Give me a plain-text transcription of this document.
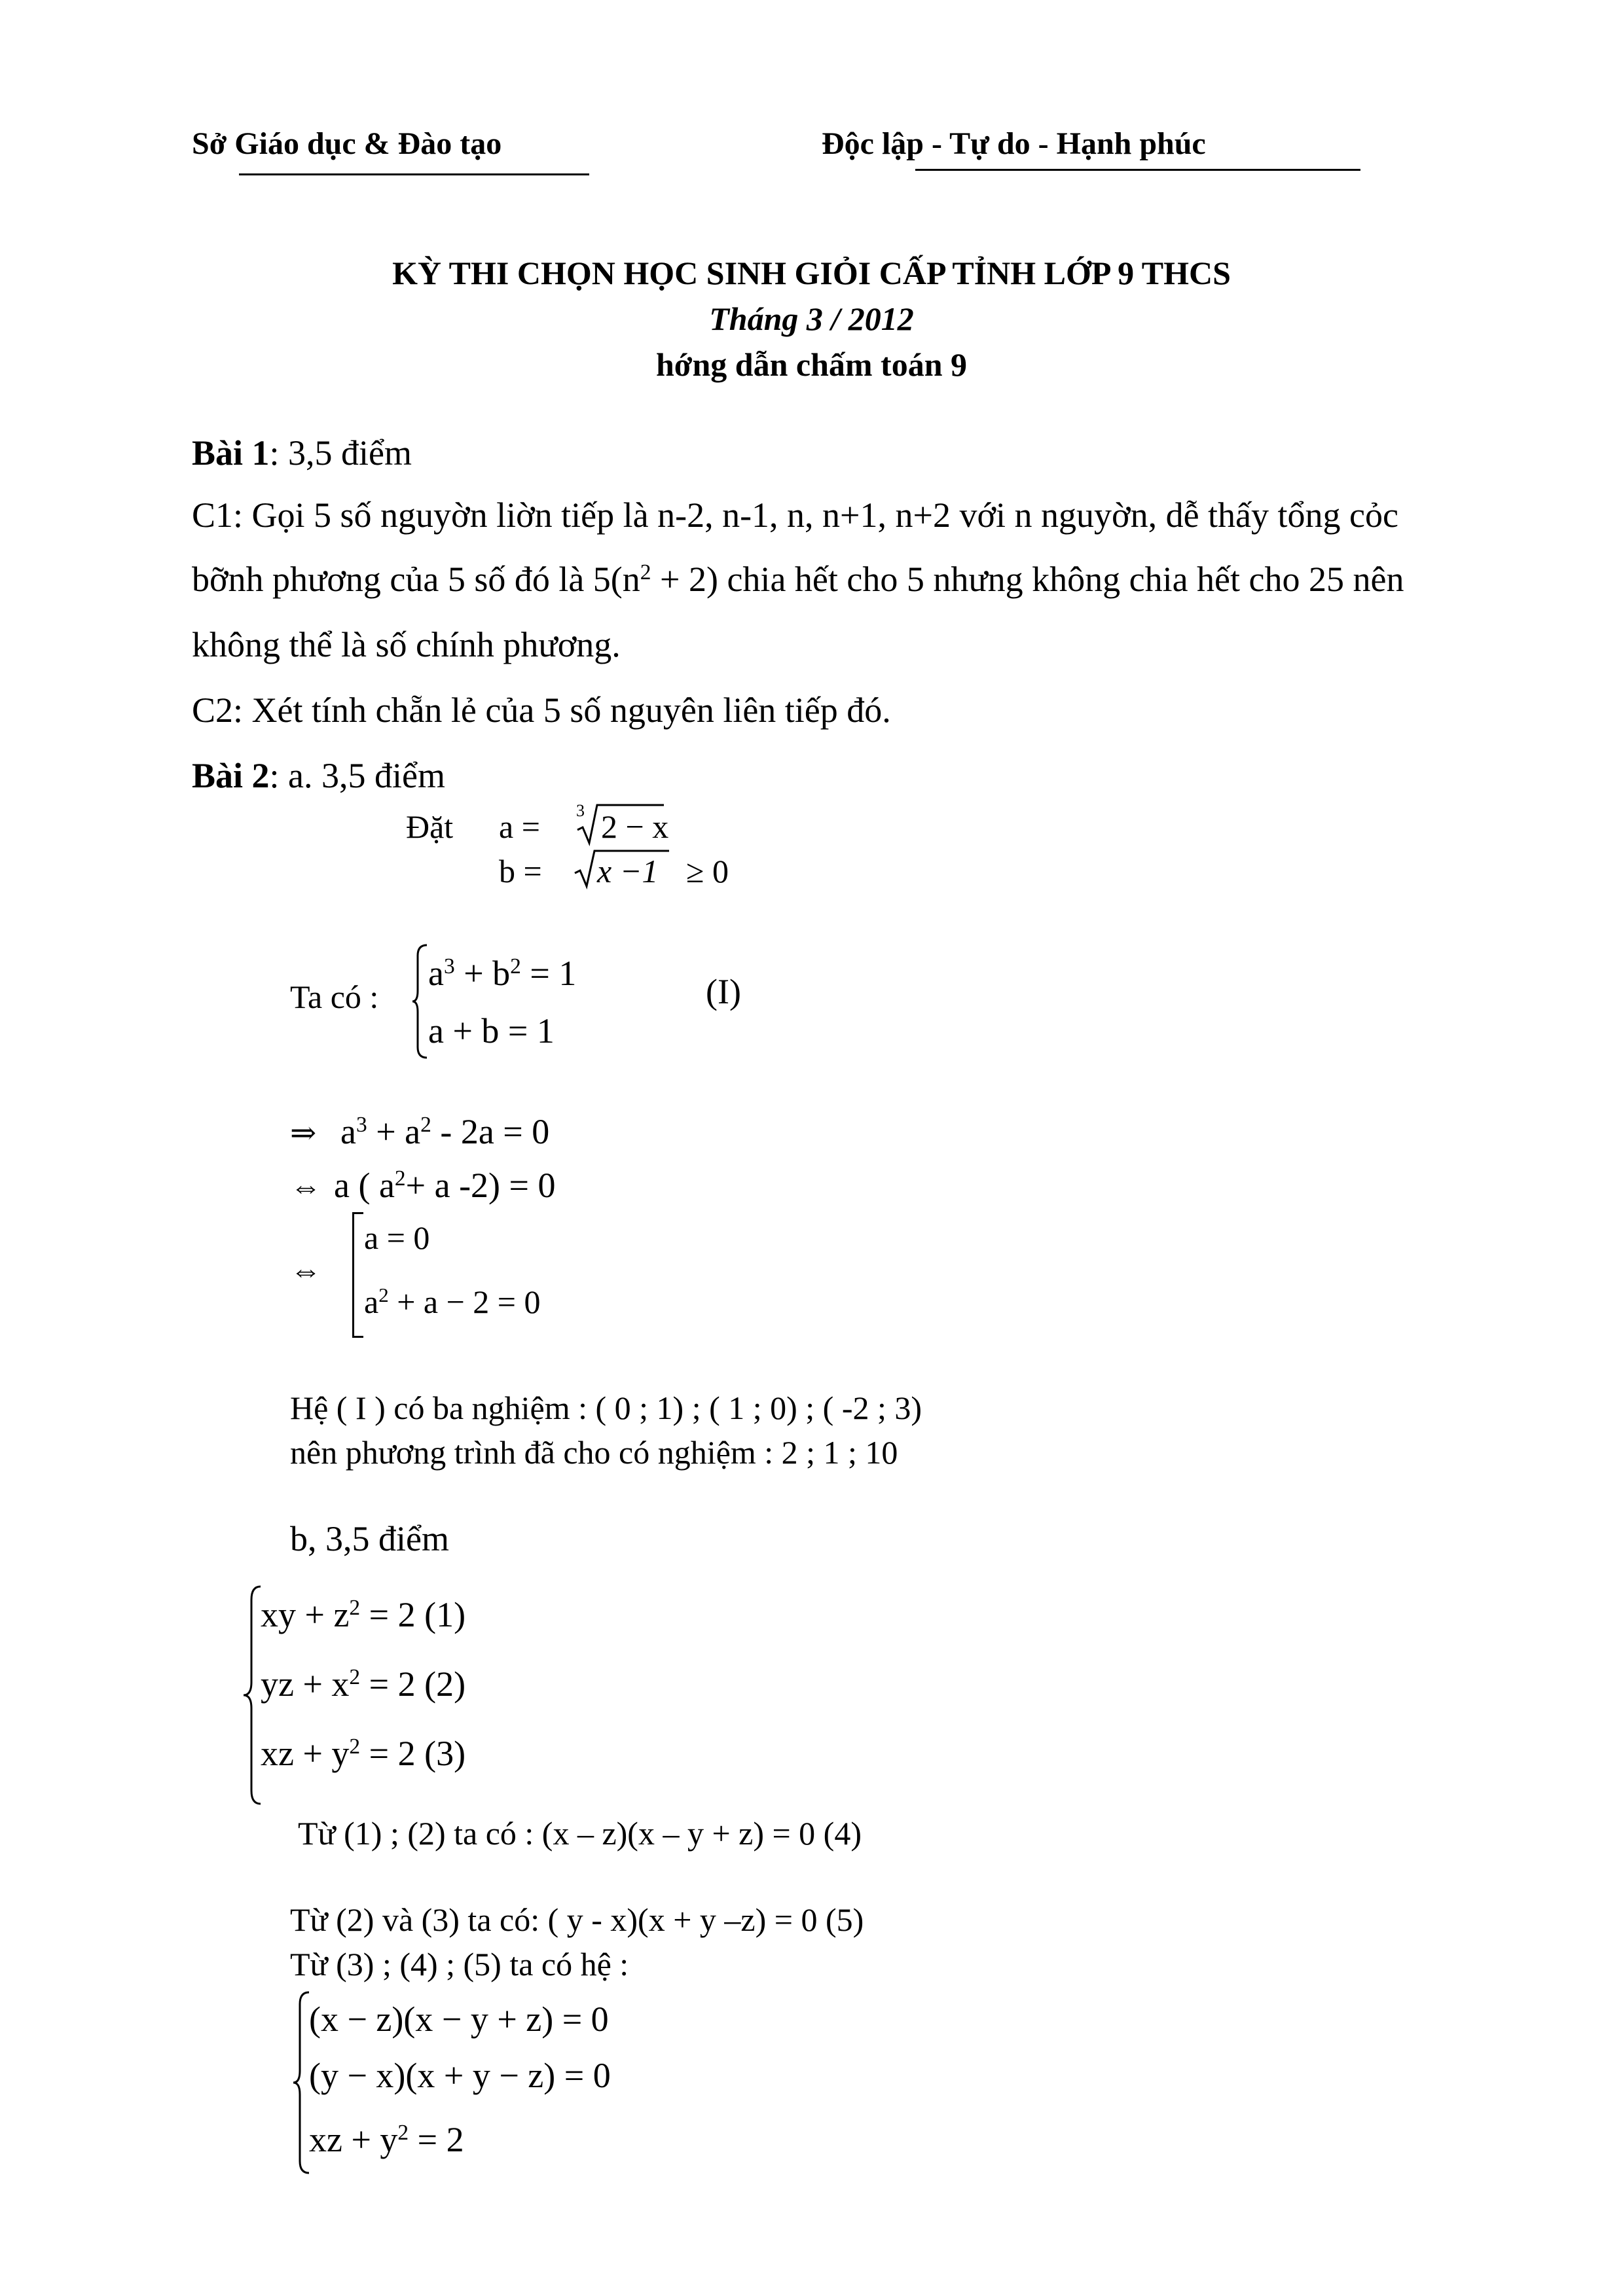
Sở Giáo dục & Đào tạo	Độc lập - Tự do - Hạnh phúc
KỲ THI CHỌN HỌC SINH GIỎI CẤP TỈNH LỚP 9 THCS
Tháng 3 / 2012
hớng dẫn chấm toán 9
Bài 1: 3,5 điểm
C1: Gọi 5 số nguyờn liờn tiếp là n-2, n-1, n, n+1, n+2 với n nguyờn, dễ thấy tổng cỏc
bỡnh phương của 5 số đó là $5(n^2 + 2)$ chia hết cho 5 nhưng không chia hết cho 25 nên
không thể là số chính phương.
C2: Xét tính chẵn lẻ của 5 số nguyên liên tiếp đó.
Bài 2: a. 3,5 điểm
Đặt a = 3 2 − x
b = x −1 ≥ 0
Ta có :
$a^3 + b^2 = 1$
a + b = 1
(I)
⇒ $a^3 + a^2 - 2a = 0$
⇔ a ( $a^2+ a$ -2) = 0
⇔
a = 0
$a^2 + a - 2 = 0$
Hệ ( I ) có ba nghiệm : ( 0 ; 1) ; ( 1 ; 0) ; ( -2 ; 3)
nên phương trình đã cho có nghiệm : 2 ; 1 ; 10
b, 3,5 điểm
xy + $z^2 = 2$ (1)
yz + $x^2 = 2$ (2)
xz + $y^2 = 2$ (3)
Từ (1) ; (2) ta có : (x – z)(x – y + z) = 0 (4)
Từ (2) và (3) ta có: ( y - x)(x + y –z) = 0 (5)
Từ (3) ; (4) ; (5) ta có hệ :
(x − z)(x − y + z) = 0
(y − x)(x + y − z) = 0
xz + $y^2 = 2$
